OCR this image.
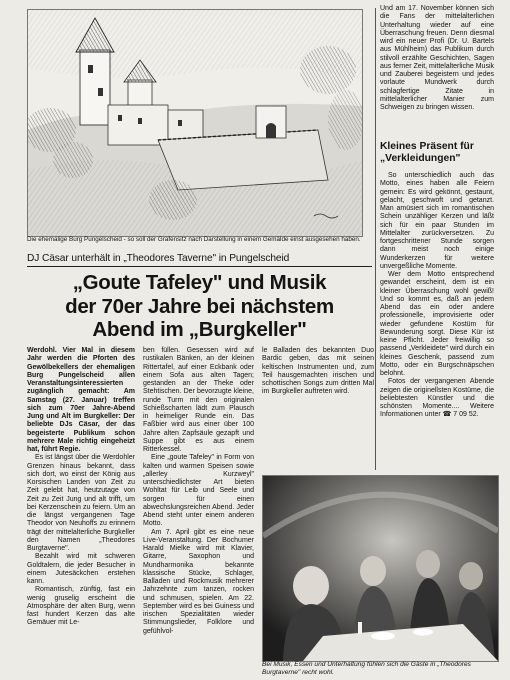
Die ehemalige Burg Pungelscheid - so soll der Grafensitz nach Darstellung in einem Gemälde einst ausgesehen haben.
DJ Cäsar unterhält in „Theodores Taverne" in Pungelscheid
„Goute Tafeley" und Musik
der 70er Jahre bei nächstem
Abend im „Burgkeller"

Werdohl. Vier Mal in diesem Jahr werden die Pforten des Gewölbekellers der ehemaligen Burg Pungelscheid allen Veranstaltungsinteressierten zugänglich gemacht: Am Samstag (27. Januar) treffen sich zum 70er Jahre-Abend Jung und Alt im Burgkeller: Der beliebte DJs Cäsar, der das begeisterte Publikum schon mehrere Male richtig eingeheizt hat, führt Regie.

Es ist längst über die Werdohler Grenzen hinaus bekannt, dass sich dort, wo einst der König aus Korsischen Landen von Zeit zu Zeit gelebt hat, heutzutage von Zeit zu Zeit Jung und alt trifft, um bei Kerzenschein zu feiern. Um an die längst vergangenen Tage Theodor von Neuhoffs zu erinnern trägt der mittelalterliche Burgkeller den Namen „Theodores Burgtaverne".

Bezahlt wird mit schweren Goldtalern, die jeder Besucher in einem Jutesäckchen erstehen kann.

Romantisch, zünftig, fast ein wenig gruselig erscheint die Atmosphäre der alten Burg, wenn fast hundert Kerzen das alte Gemäuer mit Le-

ben füllen. Gesessen wird auf rustikalen Bänken, an der kleinen Rittertafel, auf einer Eckbank oder einem Sofa aus alten Tagen; gestanden an der Theke oder Stehtischen. Der bevorzugte kleine, runde Turm mit den originalen Schießscharten lädt zum Plausch in heimeliger Runde ein. Das Faßbier wird aus einer über 100 Jahre alten Zapfsäule gezapft und Suppe gibt es aus einem Ritterkessel.

Eine „goute Tafeley" in Form von kalten und warmen Speisen sowie „allerley Kurzweyl" unterschiedlichster Art bieten Wohltat für Leib und Seele und sorgen für einen abwechslungsreichen Abend. Jeder Abend steht unter einem anderen Motto.

Am 7. April gibt es eine neue Live-Veranstaltung. Der Bochumer Harald Mielke wird mit Klavier, Gitarre, Saxophon und Mundharmonika bekannte klassische Stücke, Schlager, Balladen und Rockmusik mehrerer Jahrzehnte zum tanzen, rocken und schmusen, spielen. Am 22. September wird es bei Guiness und irischen Spezialitäten wieder Stimmungslieder, Folklore und gefühlvol-

le Balladen des bekannten Duo Bardic geben, das mit seinen keltischen Instrumenten und, zum Teil hausgemachten irischen und schottischen Songs zum dritten Mal im Burgkeller auftreten wird.

Und am 17. November können sich die Fans der mittelalterlichen Unterhaltung wieder auf eine Überraschung freuen. Denn diesmal wird ein neuer Profi (Dr. U. Bartels aus Mühlheim) das Publikum durch stilvoll erzählte Geschichten, Sagen aus ferner Zeit, mittelalterliche Musik und Zauberei begeistern und jedes vorlaute Mundwerk durch schlagfertige Zitate in mittelalterlicher Manier zum Schweigen zu bringen wissen.

Kleines Präsent für
„Verkleidungen"

So unterschiedlich auch das Motto, eines haben alle Feiern gemein: Es wird gekönnt, gestaunt, gelacht, geschwoft und getanzt. Man amüsiert sich im romantischen Schein unzähliger Kerzen und läßt sich für ein paar Stunden im Mittelalter zurückversetzen. Zu fortgeschrittener Stunde sorgen dann meist noch einige Wunderkerzen für weitere unvergeßliche Momente.

Wer dem Motto entsprechend gewandet erscheint, dem ist ein kleiner Überraschung wohl gewiß! Und so kommt es, daß an jedem Abend das ein oder andere professionelle, improvisierte oder wieder gefundene Kostüm für Bewunderung sorgt. Diese Kür ist keine Pflicht. Jeder freiwillig so passend „Verkleidete" wird durch ein kleines Geschenk, passend zum Motto, oder ein Burgschnäpschen belohnt.

Fotos der vergangenen Abende zeigen die originellsten Kostüme, die beliebtesten Künstler und die schönsten Momente.... Weitere Informationen unter ☎ 7 09 52.

Bei Musik, Essen und Unterhaltung fühlen sich die Gäste in „Theodores Burgtaverne" recht wohl.
